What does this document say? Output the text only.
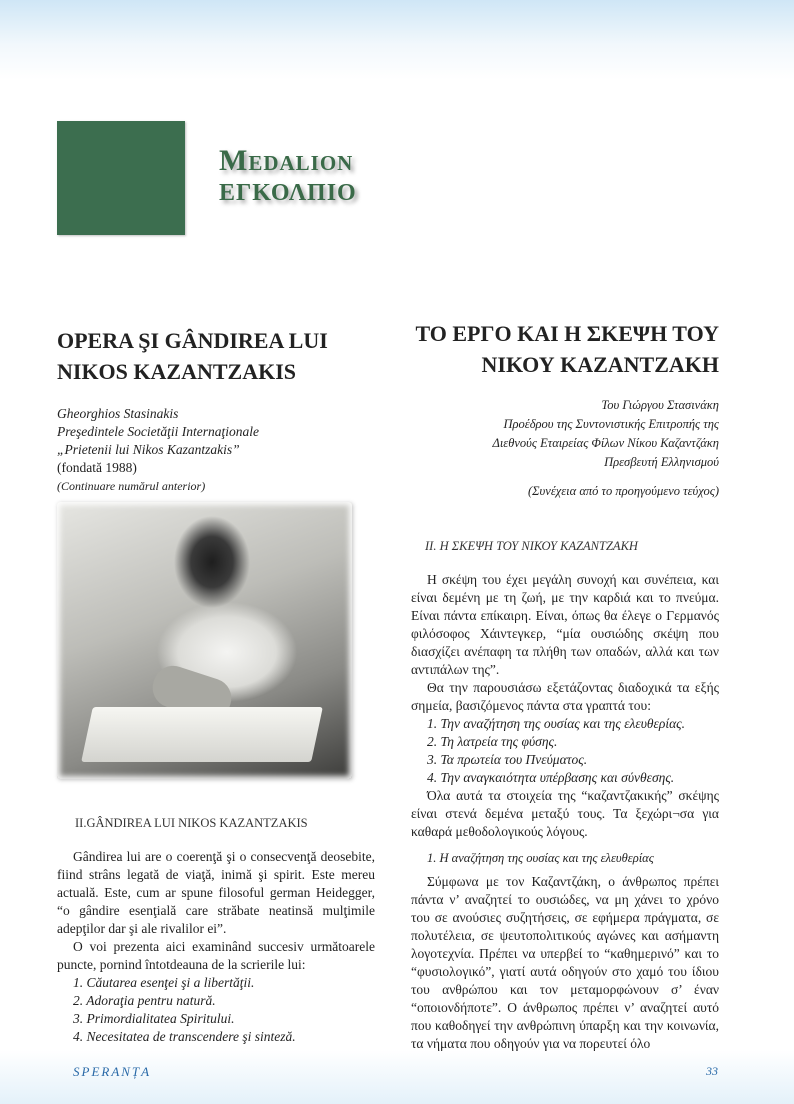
Medalion
ΕΓΚΟΛΠΙΟ
OPERA ŞI GÂNDIREA LUI
NIKOS KAZANTZAKIS
ΤΟ ΕΡΓΟ ΚΑΙ Η ΣΚΕΨΗ ΤΟΥ
ΝΙΚΟΥ ΚΑΖΑΝΤΖΑΚΗ
Gheorghios Stasinakis
Preşedintele Societăţii Internaţionale
„Prietenii lui Nikos Kazantzakis”
(fondată 1988)
(Continuare numărul anterior)
Του Γιώργου Στασινάκη
Προέδρου της Συντονιστικής Επιτροπής της
Διεθνούς Εταιρείας Φίλων Νίκου Καζαντζάκη
Πρεσβευτή Ελληνισμού
(Συνέχεια από το προηγούμενο τεύχος)
II.GÂNDIREA LUI NIKOS KAZANTZAKIS

Gândirea lui are o coerenţă şi o consecvenţă deosebite, fiind strâns legată de viaţă, inimă şi spirit. Este mereu actuală. Este, cum ar spune filosoful german Heidegger, “o gândire esenţială care străbate neatinsă mulţimile adepţilor dar şi ale rivalilor ei”.

O voi prezenta aici examinând succesiv următoarele puncte, pornind întotdeauna de la scrierile lui:

1. Căutarea esenţei şi a libertăţii.
2. Adoraţia pentru natură.
3. Primordialitatea Spiritului.
4. Necesitatea de transcendere şi sinteză.
II. Η ΣΚΕΨΗ ΤΟΥ ΝΙΚΟΥ ΚΑΖΑΝΤΖΑΚΗ

Η σκέψη του έχει μεγάλη συνοχή και συνέπεια, και είναι δεμένη με τη ζωή, με την καρδιά και το πνεύμα. Είναι πάντα επίκαιρη. Είναι, όπως θα έλεγε ο Γερμανός φιλόσοφος Χάιντεγκερ, “μία ουσιώδης σκέψη που διασχίζει ανέπαφη τα πλήθη των οπαδών, αλλά και των αντιπάλων της”.

Θα την παρουσιάσω εξετάζοντας διαδοχικά τα εξής σημεία, βασιζόμενος πάντα στα γραπτά του:

1. Την αναζήτηση της ουσίας και της ελευθερίας.
2. Τη λατρεία της φύσης.
3. Τα πρωτεία του Πνεύματος.
4. Την αναγκαιότητα υπέρβασης και σύνθεσης.

Όλα αυτά τα στοιχεία της “καζαντζακικής” σκέψης είναι στενά δεμένα μεταξύ τους. Τα ξεχώρι¬σα για καθαρά μεθοδολογικούς λόγους.

1. Η αναζήτηση της ουσίας και της ελευθερίας

Σύμφωνα με τον Καζαντζάκη, ο άνθρωπος πρέπει πάντα ν’ αναζητεί το ουσιώδες, να μη χάνει το χρόνο του σε ανούσιες συζητήσεις, σε εφήμερα πράγματα, σε πολυτέλεια, σε ψευτοπολιτικούς αγώνες και ασήμαντη λογοτεχνία. Πρέπει να υπερβεί το “καθημερινό” και το “φυσιολογικό”, γιατί αυτά οδηγούν στο χαμό του ίδιου του ανθρώπου και τον μεταμορφώνουν σ’ έναν “οποιονδήποτε”. Ο άνθρωπος πρέπει ν’ αναζητεί αυτό που καθοδηγεί την ανθρώπινη ύπαρξη και την κοινωνία, τα νήματα που οδηγούν για να πορευτεί όλο

SPERANȚA	33
